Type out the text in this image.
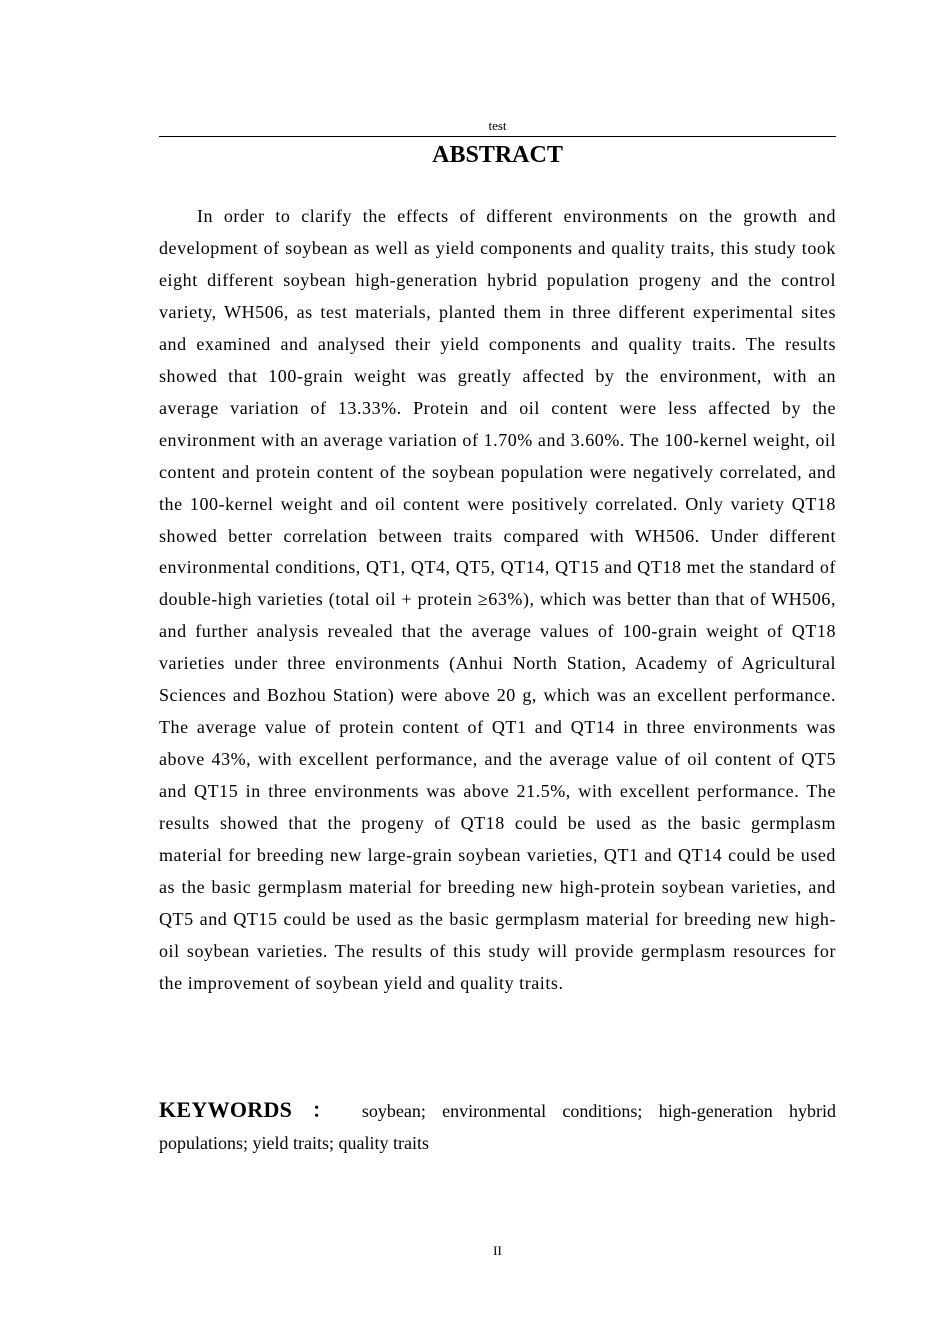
test
ABSTRACT

In order to clarify the effects of different environments on the growth and development of soybean as well as yield components and quality traits, this study took eight different soybean high-generation hybrid population progeny and the control variety, WH506, as test materials, planted them in three different experimental sites and examined and analysed their yield components and quality traits. The results showed that 100-grain weight was greatly affected by the environment, with an average variation of 13.33%. Protein and oil content were less affected by the environment with an average variation of 1.70% and 3.60%. The 100-kernel weight, oil content and protein content of the soybean population were negatively correlated, and the 100-kernel weight and oil content were positively correlated. Only variety QT18 showed better correlation between traits compared with WH506. Under different environmental conditions, QT1, QT4, QT5, QT14, QT15 and QT18 met the standard of double-high varieties (total oil + protein ≥63%), which was better than that of WH506, and further analysis revealed that the average values of 100-grain weight of QT18 varieties under three environments (Anhui North Station, Academy of Agricultural Sciences and Bozhou Station) were above 20 g, which was an excellent performance. The average value of protein content of QT1 and QT14 in three environments was above 43%, with excellent performance, and the average value of oil content of QT5 and QT15 in three environments was above 21.5%, with excellent performance. The results showed that the progeny of QT18 could be used as the basic germplasm material for breeding new large-grain soybean varieties, QT1 and QT14 could be used as the basic germplasm material for breeding new high-protein soybean varieties, and QT5 and QT15 could be used as the basic germplasm material for breeding new high-oil soybean varieties. The results of this study will provide germplasm resources for the improvement of soybean yield and quality traits.

KEYWORDS ： soybean; environmental conditions; high-generation hybrid populations; yield traits; quality traits

II
